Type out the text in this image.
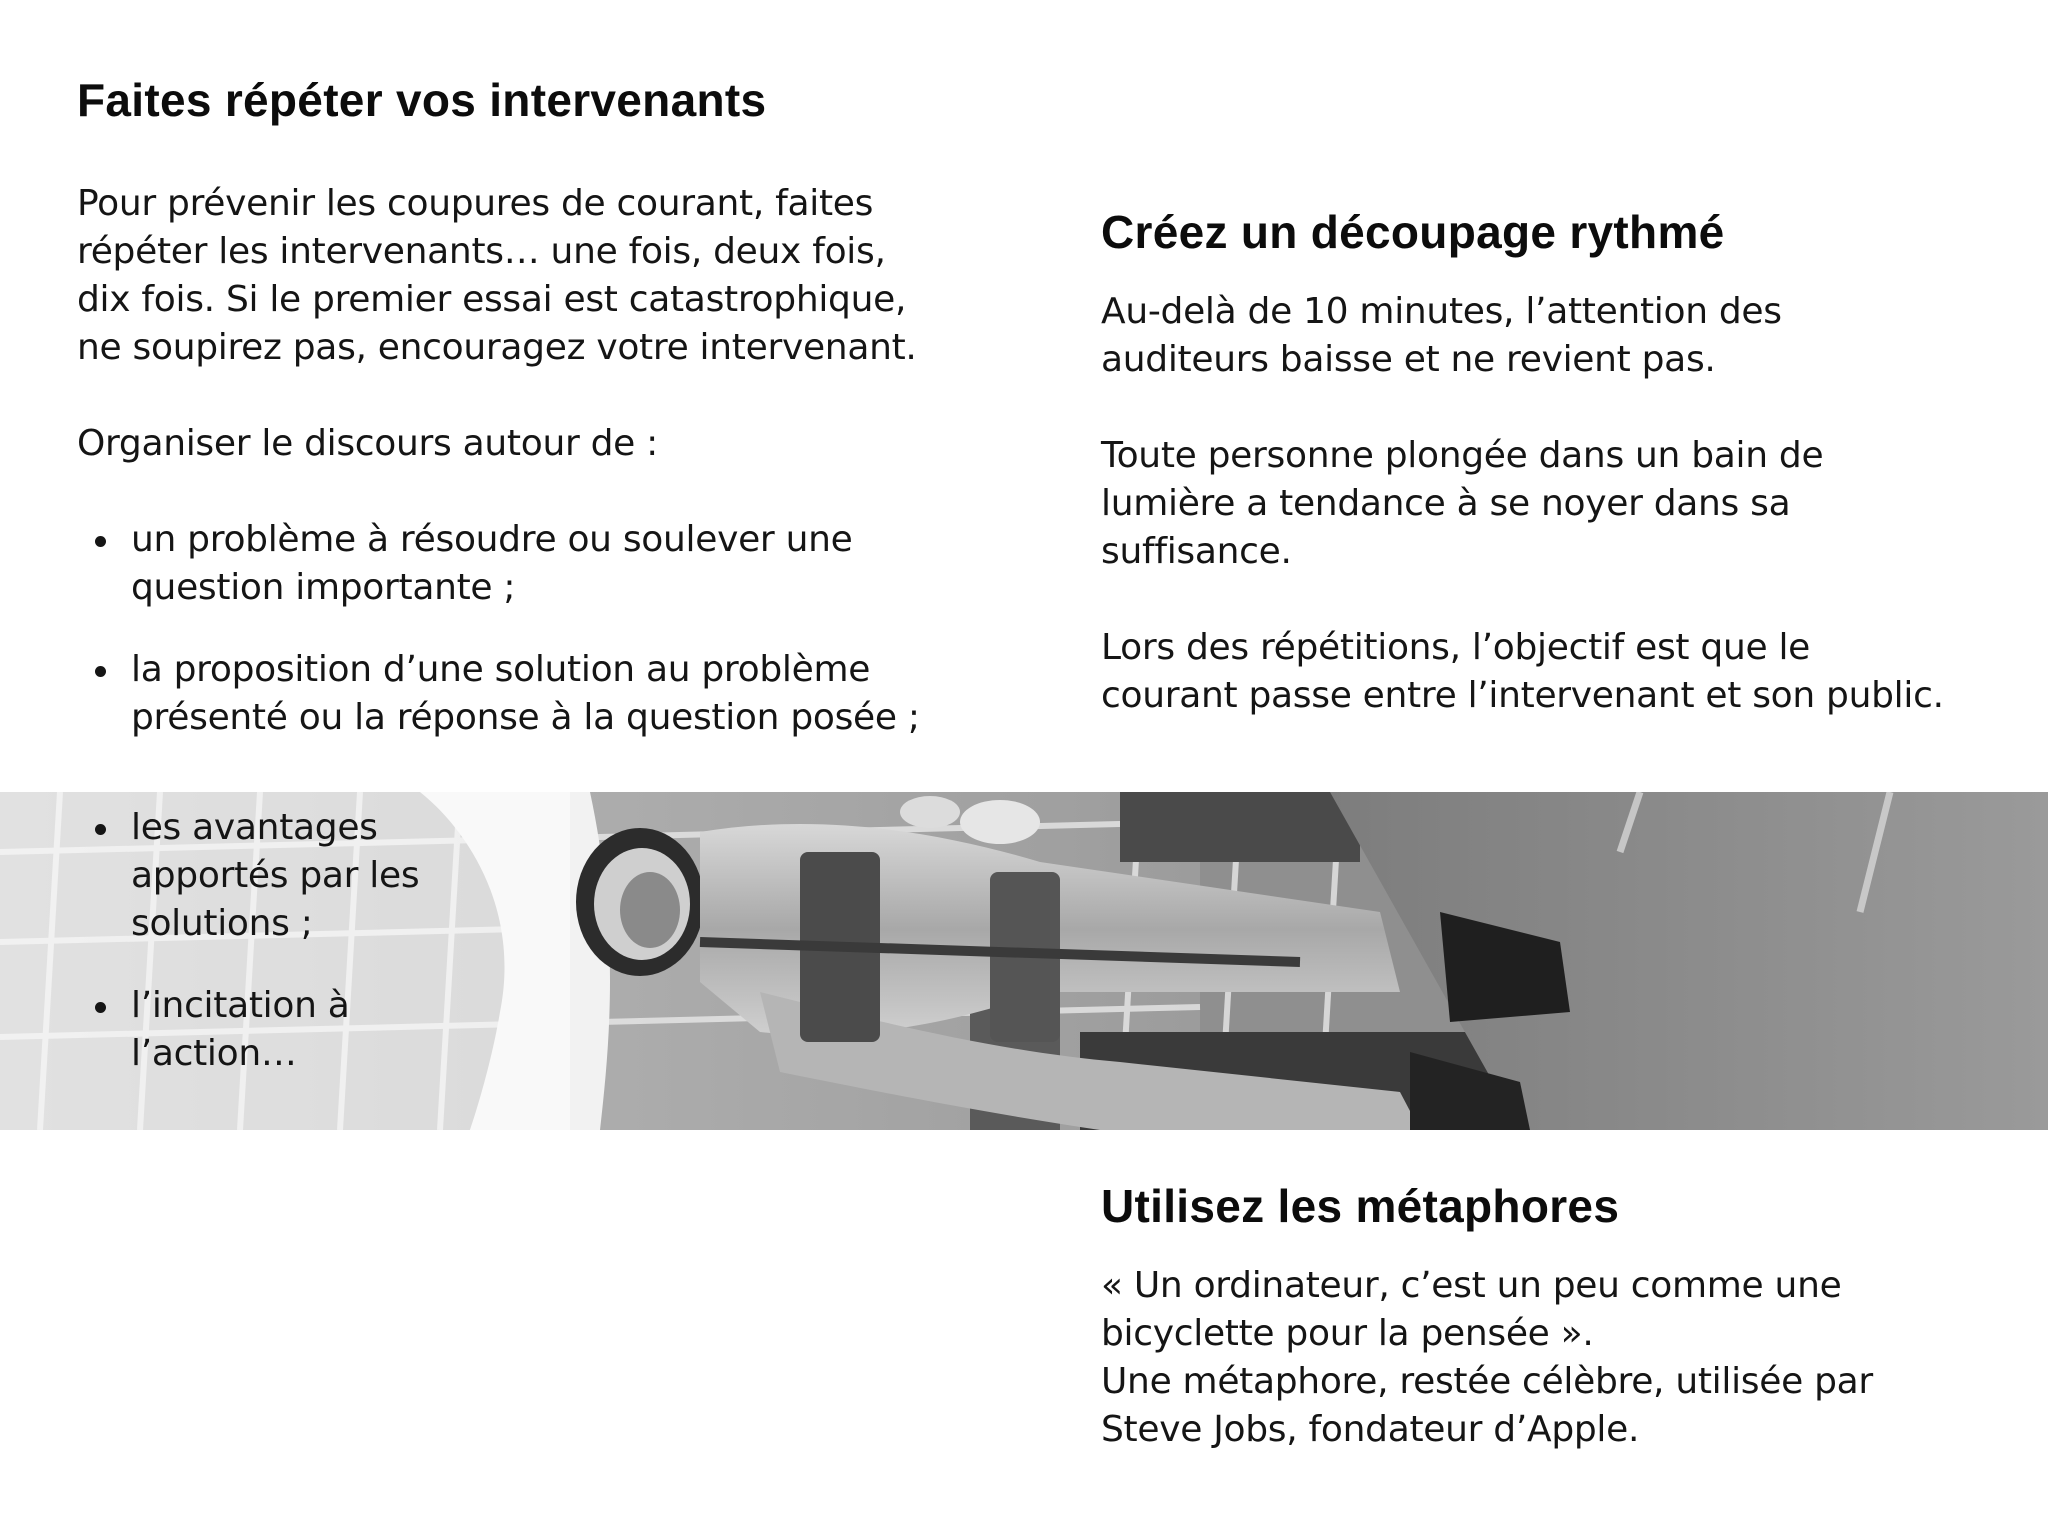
Faites répéter vos intervenants
Pour prévenir les coupures de courant, faites
répéter les intervenants… une fois, deux fois,
dix fois. Si le premier essai est catastrophique,
ne soupirez pas, encouragez votre intervenant.
Organiser le discours autour de :
un problème à résoudre ou soulever une
question importante ;
la proposition d’une solution au problème
présenté ou la réponse à la question posée ;
les avantages
apportés par les
solutions ;
l’incitation à
l’action…
Créez un découpage rythmé
Au-delà de 10 minutes, l’attention des
auditeurs baisse et ne revient pas.
Toute personne plongée dans un bain de
lumière a tendance à se noyer dans sa
suffisance.
Lors des répétitions, l’objectif est que le
courant passe entre l’intervenant et son public.
Utilisez les métaphores
« Un ordinateur, c’est un peu comme une
bicyclette pour la pensée ».
Une métaphore, restée célèbre, utilisée par
Steve Jobs, fondateur d’Apple.
